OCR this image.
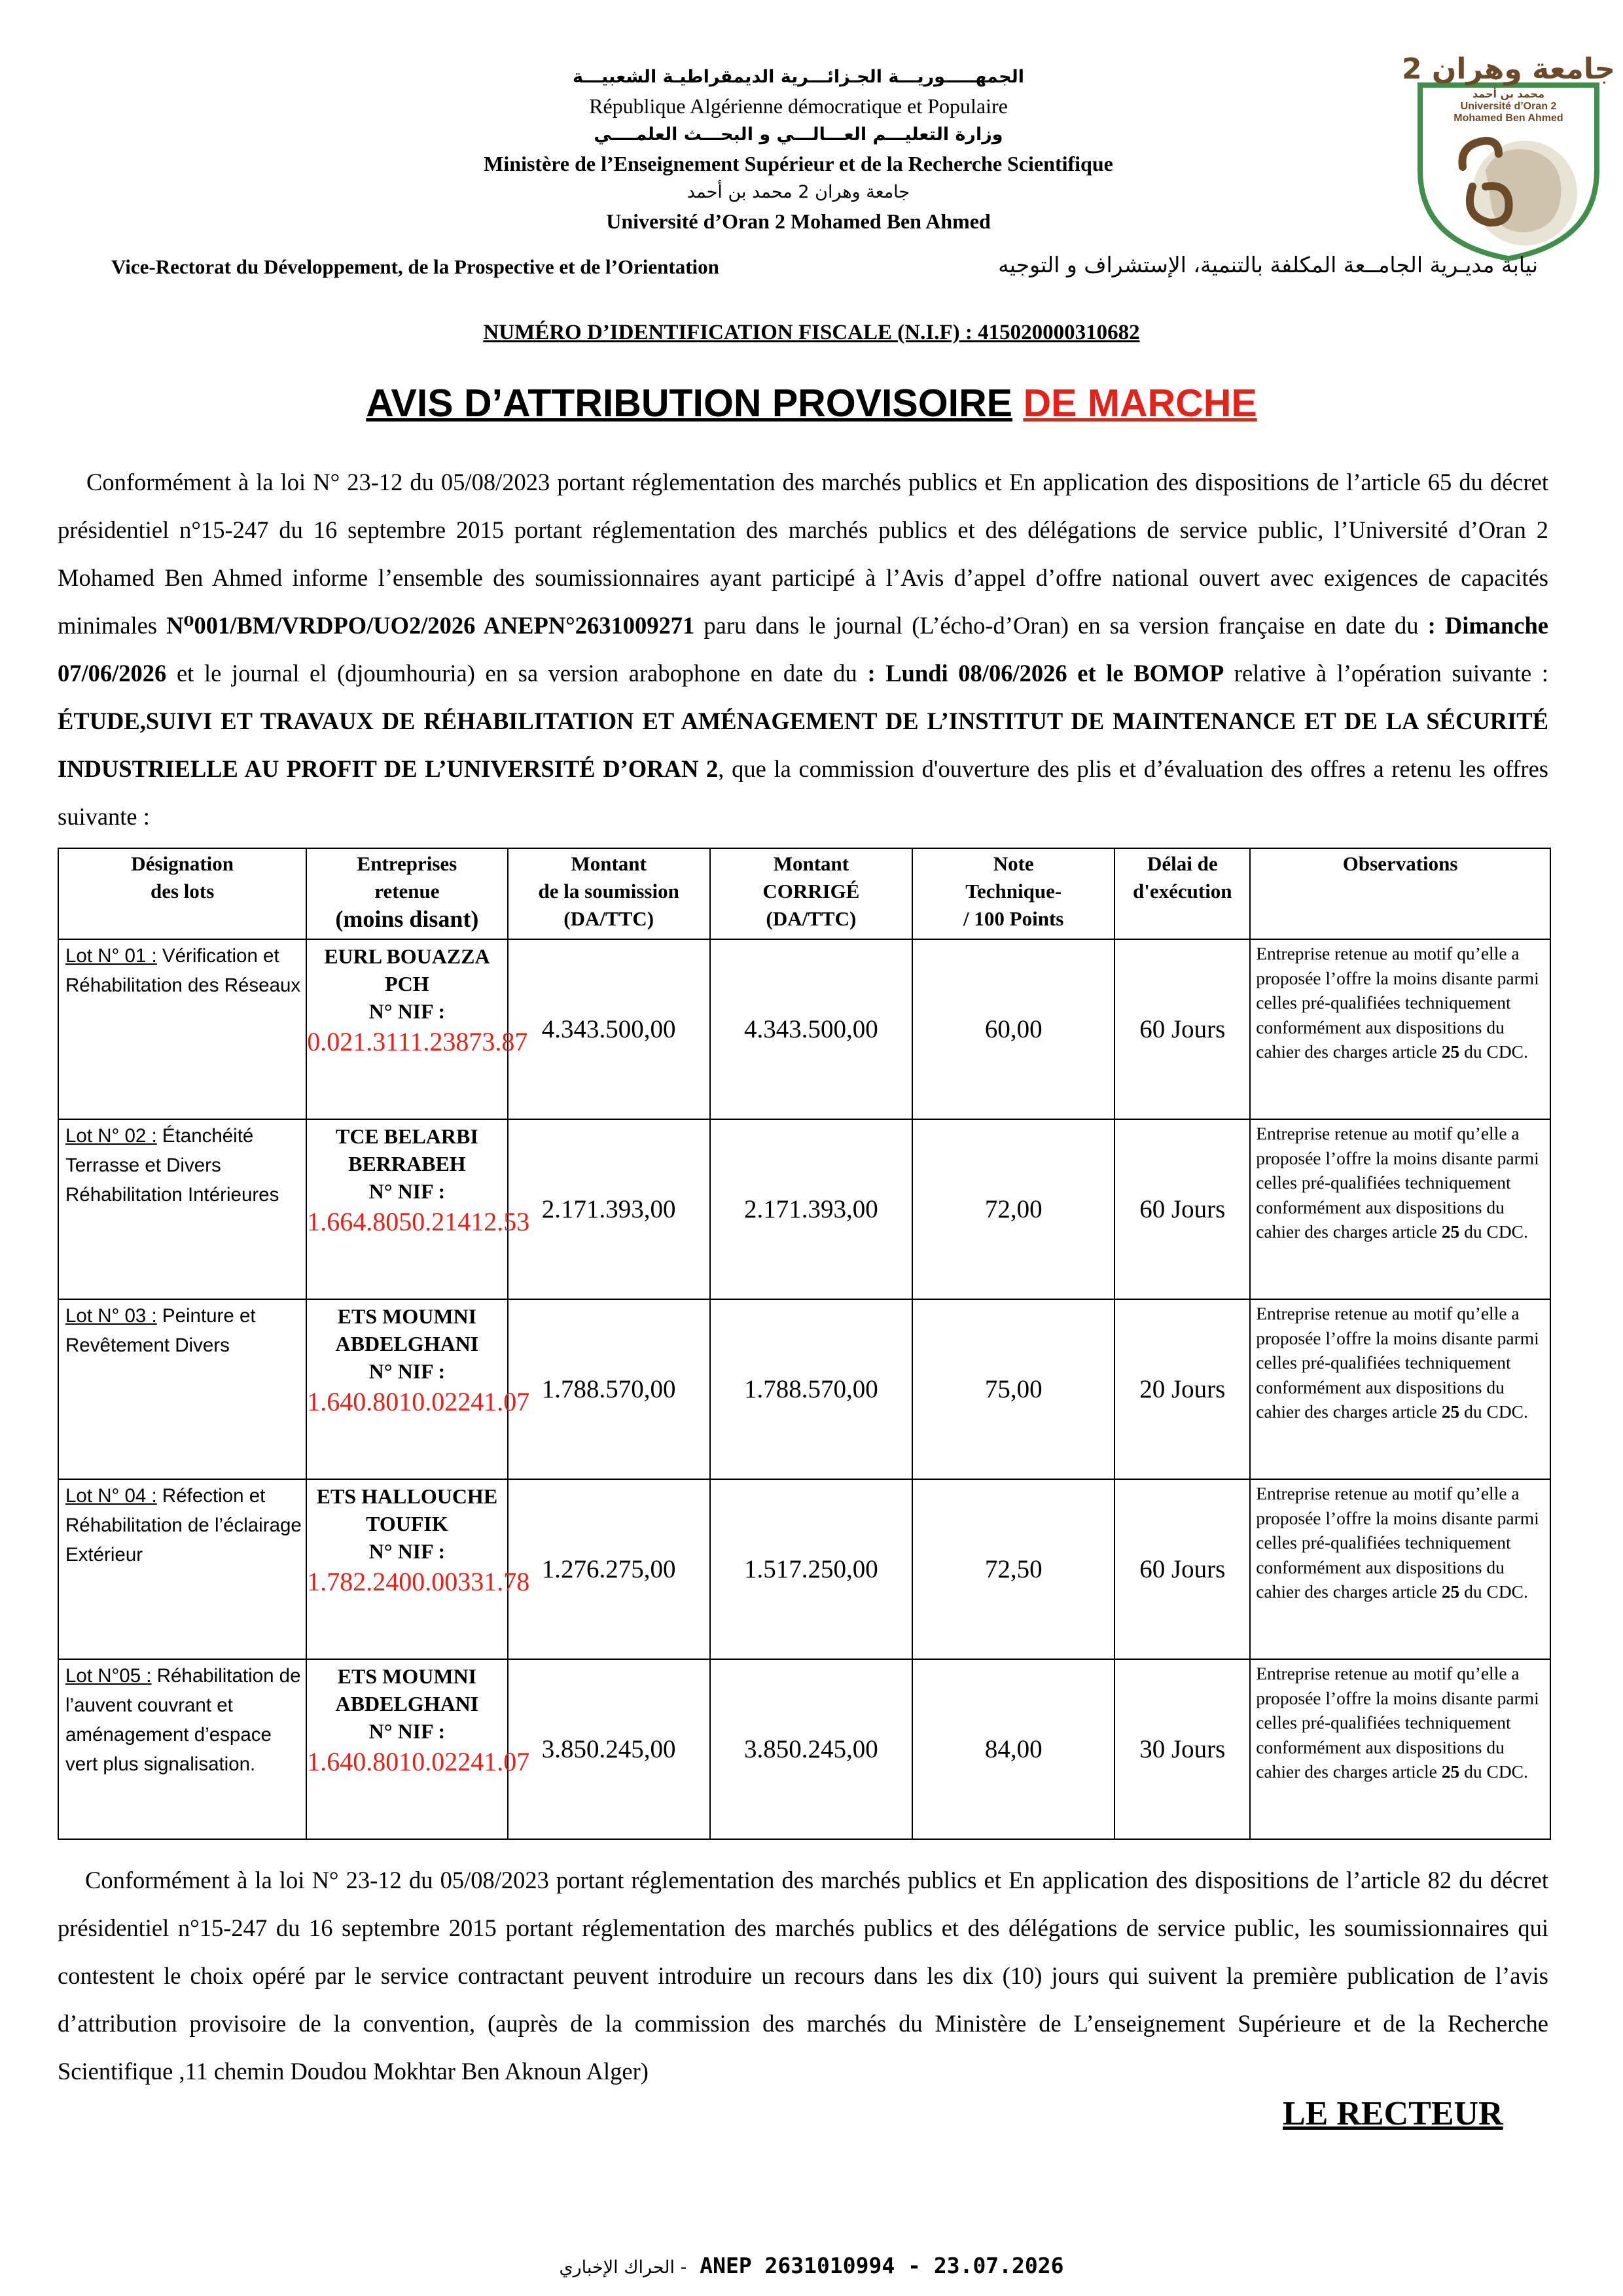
الجمهـــــوريـــة الجـزائـــرية الديمقراطيـة الشعبيـــة
République Algérienne démocratique et Populaire
وزارة التعليـــم العـــالـــي و البحـــث العلمــــي
Ministère de l’Enseignement Supérieur et de la Recherche Scientifique
جامعة وهران 2 محمد بن أحمد
Université d’Oran 2 Mohamed Ben Ahmed
جامعة وهران 2
محمد بن أحمد
Université d’Oran 2
Mohamed Ben Ahmed
Vice-Rectorat du Développement, de la Prospective et de l’Orientation	نيابة مديـرية الجامــعة المكلفة بالتنمية، الإستشراف و التوجيه
NUMÉRO D’IDENTIFICATION FISCALE (N.I.F) : 415020000310682
AVIS D’ATTRIBUTION PROVISOIRE DE MARCHE
Conformément à la loi N° 23-12 du 05/08/2023 portant réglementation des marchés publics et En application des dispositions de l’article 65 du décret présidentiel n°15-247 du 16 septembre 2015 portant réglementation des marchés publics et des délégations de service public, l’Université d’Oran 2 Mohamed Ben Ahmed informe l’ensemble des soumissionnaires ayant participé à l’Avis d’appel d’offre national ouvert avec exigences de capacités minimales N⁰001/BM/VRDPO/UO2/2026 ANEPN°2631009271 paru dans le journal (L’écho-d’Oran) en sa version française en date du : Dimanche 07/06/2026 et le journal el (djoumhouria) en sa version arabophone en date du : Lundi 08/06/2026 et le BOMOP relative à l’opération suivante : ÉTUDE,SUIVI ET TRAVAUX DE RÉHABILITATION ET AMÉNAGEMENT DE L’INSTITUT DE MAINTENANCE ET DE LA SÉCURITÉ INDUSTRIELLE AU PROFIT DE L’UNIVERSITÉ D’ORAN 2, que la commission d'ouverture des plis et d’évaluation des offres a retenu les offres suivante :
Désignation
des lots	Entreprises
retenue
(moins disant)	Montant
de la soumission
(DA/TTC)	Montant
CORRIGÉ
(DA/TTC)	Note
Technique-
/ 100 Points	Délai de
d'exécution	Observations
Lot N° 01 : Vérification et Réhabilitation des Réseaux	EURL BOUAZZA PCH
N° NIF :
0.021.3111.23873.87	4.343.500,00	4.343.500,00	60,00	60 Jours	Entreprise retenue au motif qu’elle a proposée l’offre la moins disante parmi celles pré-qualifiées techniquement conformément aux dispositions du cahier des charges article 25 du CDC.
Lot N° 02 : Étanchéité Terrasse et Divers Réhabilitation Intérieures	TCE BELARBI BERRABEH
N° NIF :
1.664.8050.21412.53	2.171.393,00	2.171.393,00	72,00	60 Jours	Entreprise retenue au motif qu’elle a proposée l’offre la moins disante parmi celles pré-qualifiées techniquement conformément aux dispositions du cahier des charges article 25 du CDC.
Lot N° 03 : Peinture et Revêtement Divers	ETS MOUMNI ABDELGHANI
N° NIF :
1.640.8010.02241.07	1.788.570,00	1.788.570,00	75,00	20 Jours	Entreprise retenue au motif qu’elle a proposée l’offre la moins disante parmi celles pré-qualifiées techniquement conformément aux dispositions du cahier des charges article 25 du CDC.
Lot N° 04 : Réfection et Réhabilitation de l’éclairage Extérieur	ETS HALLOUCHE TOUFIK
N° NIF :
1.782.2400.00331.78	1.276.275,00	1.517.250,00	72,50	60 Jours	Entreprise retenue au motif qu’elle a proposée l’offre la moins disante parmi celles pré-qualifiées techniquement conformément aux dispositions du cahier des charges article 25 du CDC.
Lot N°05 : Réhabilitation de l’auvent couvrant et aménagement d’espace vert plus signalisation.	ETS MOUMNI ABDELGHANI
N° NIF :
1.640.8010.02241.07	3.850.245,00	3.850.245,00	84,00	30 Jours	Entreprise retenue au motif qu’elle a proposée l’offre la moins disante parmi celles pré-qualifiées techniquement conformément aux dispositions du cahier des charges article 25 du CDC.
Conformément à la loi N° 23-12 du 05/08/2023 portant réglementation des marchés publics et En application des dispositions de l’article 82 du décret présidentiel n°15-247 du 16 septembre 2015 portant réglementation des marchés publics et des délégations de service public, les soumissionnaires qui contestent le choix opéré par le service contractant peuvent introduire un recours dans les dix (10) jours qui suivent la première publication de l’avis d’attribution provisoire de la convention, (auprès de la commission des marchés du Ministère de L’enseignement Supérieure et de la Recherche Scientifique ,11 chemin Doudou Mokhtar Ben Aknoun Alger)
LE RECTEUR
الحراك الإخباري - ANEP 2631010994 - 23.07.2026
